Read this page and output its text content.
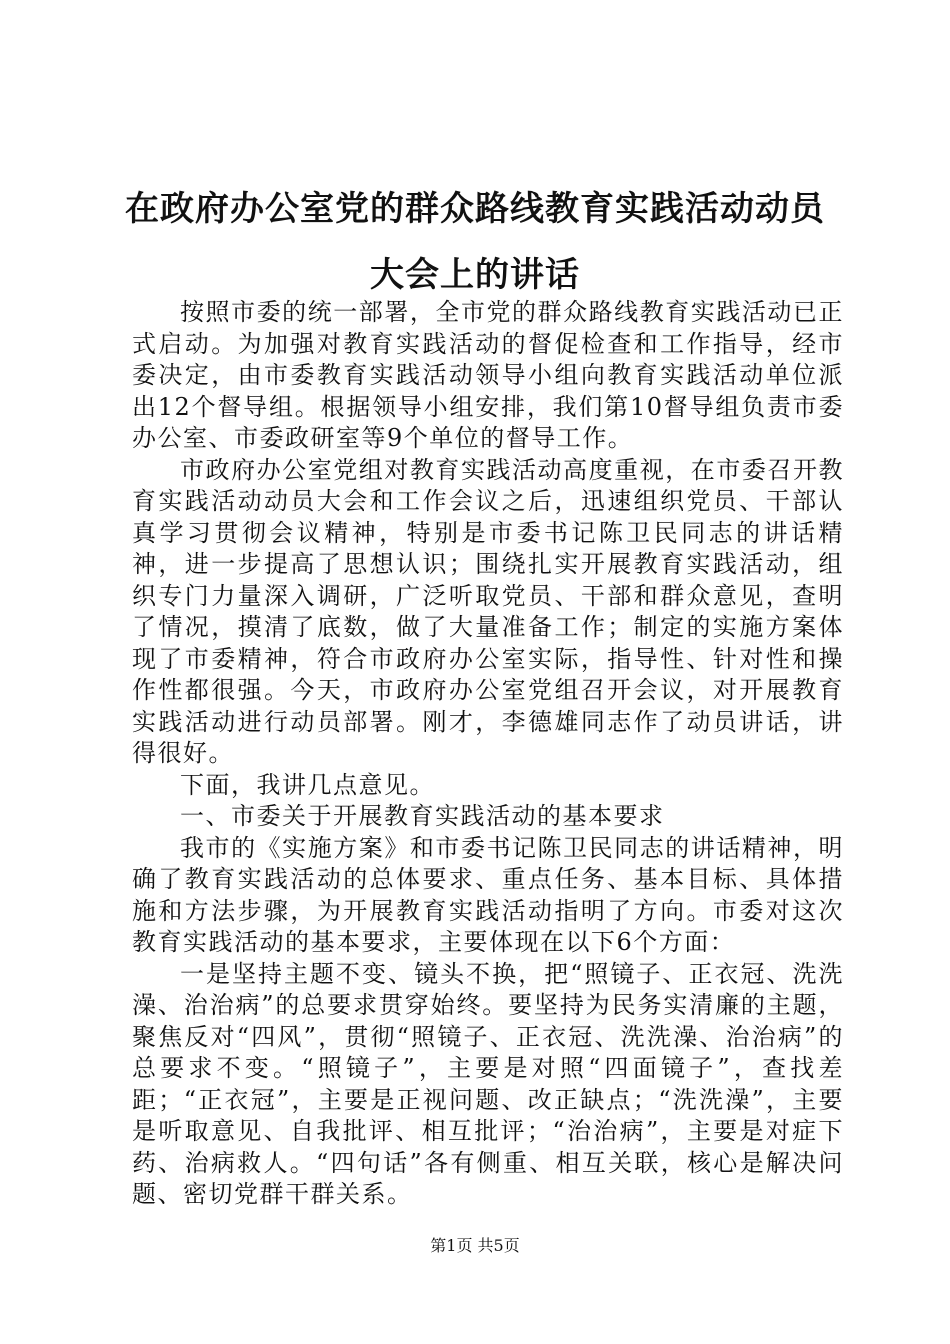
在政府办公室党的群众路线教育实践活动动员
大会上的讲话

按照市委的统一部署，全市党的群众路线教育实践活动已正式启动。为加强对教育实践活动的督促检查和工作指导，经市委决定，由市委教育实践活动领导小组向教育实践活动单位派出12个督导组。根据领导小组安排，我们第10督导组负责市委办公室、市委政研室等9个单位的督导工作。

市政府办公室党组对教育实践活动高度重视，在市委召开教育实践活动动员大会和工作会议之后，迅速组织党员、干部认真学习贯彻会议精神，特别是市委书记陈卫民同志的讲话精神，进一步提高了思想认识；围绕扎实开展教育实践活动，组织专门力量深入调研，广泛听取党员、干部和群众意见，查明了情况，摸清了底数，做了大量准备工作；制定的实施方案体现了市委精神，符合市政府办公室实际，指导性、针对性和操作性都很强。今天，市政府办公室党组召开会议，对开展教育实践活动进行动员部署。刚才，李德雄同志作了动员讲话，讲得很好。

下面，我讲几点意见。

一、市委关于开展教育实践活动的基本要求

我市的《实施方案》和市委书记陈卫民同志的讲话精神，明确了教育实践活动的总体要求、重点任务、基本目标、具体措施和方法步骤，为开展教育实践活动指明了方向。市委对这次教育实践活动的基本要求，主要体现在以下6个方面：

一是坚持主题不变、镜头不换，把“照镜子、正衣冠、洗洗澡、治治病”的总要求贯穿始终。要坚持为民务实清廉的主题，聚焦反对“四风”，贯彻“照镜子、正衣冠、洗洗澡、治治病”的总要求不变。“照镜子”，主要是对照“四面镜子”，查找差距；“正衣冠”，主要是正视问题、改正缺点；“洗洗澡”，主要是听取意见、自我批评、相互批评；“治治病”，主要是对症下药、治病救人。“四句话”各有侧重、相互关联，核心是解决问题、密切党群干群关系。

第1页 共5页
